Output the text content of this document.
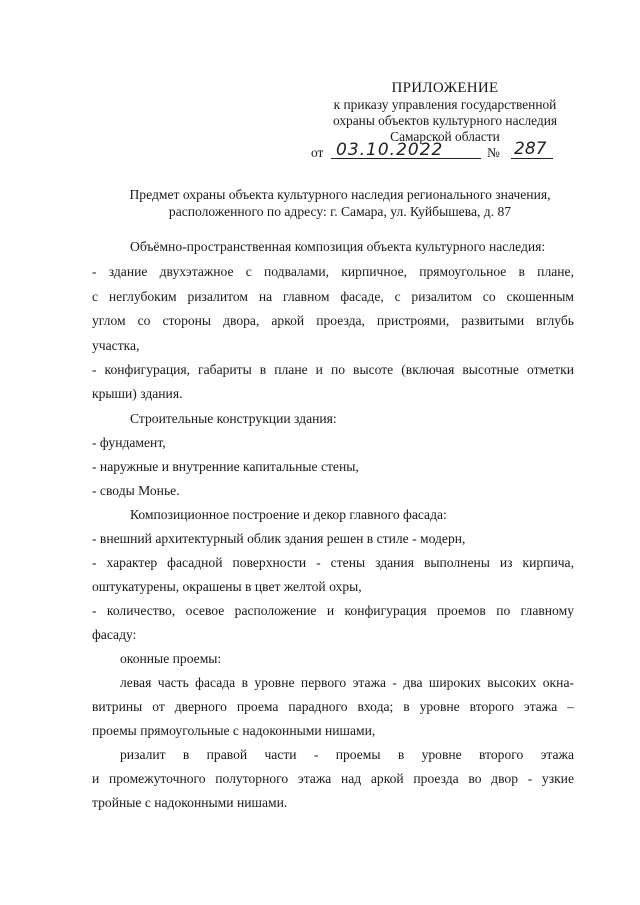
ПРИЛОЖЕНИЕ
к приказу управления государственной
охраны объектов культурного наследия
Самарской области
от 03.10.2022	№ 287
Предмет охраны объекта культурного наследия регионального значения,
расположенного по адресу: г. Самара, ул. Куйбышева, д. 87
Объёмно-пространственная композиция объекта культурного наследия:
- здание двухэтажное с подвалами, кирпичное, прямоугольное в плане,
с неглубоким ризалитом на главном фасаде, с ризалитом со скошенным
углом со стороны двора, аркой проезда, пристроями, развитыми вглубь
участка,
- конфигурация, габариты в плане и по высоте (включая высотные отметки
крыши) здания.
Строительные конструкции здания:
- фундамент,
- наружные и внутренние капитальные стены,
- своды Монье.
Композиционное построение и декор главного фасада:
- внешний архитектурный облик здания решен в стиле - модерн,
- характер фасадной поверхности - стены здания выполнены из кирпича,
оштукатурены, окрашены в цвет желтой охры,
- количество, осевое расположение и конфигурация проемов по главному
фасаду:
оконные проемы:
левая часть фасада в уровне первого этажа - два широких высоких окна-
витрины от дверного проема парадного входа; в уровне второго этажа –
проемы прямоугольные с надоконными нишами,
ризалит в правой части - проемы в уровне второго этажа
и промежуточного полуторного этажа над аркой проезда во двор - узкие
тройные с надоконными нишами.
